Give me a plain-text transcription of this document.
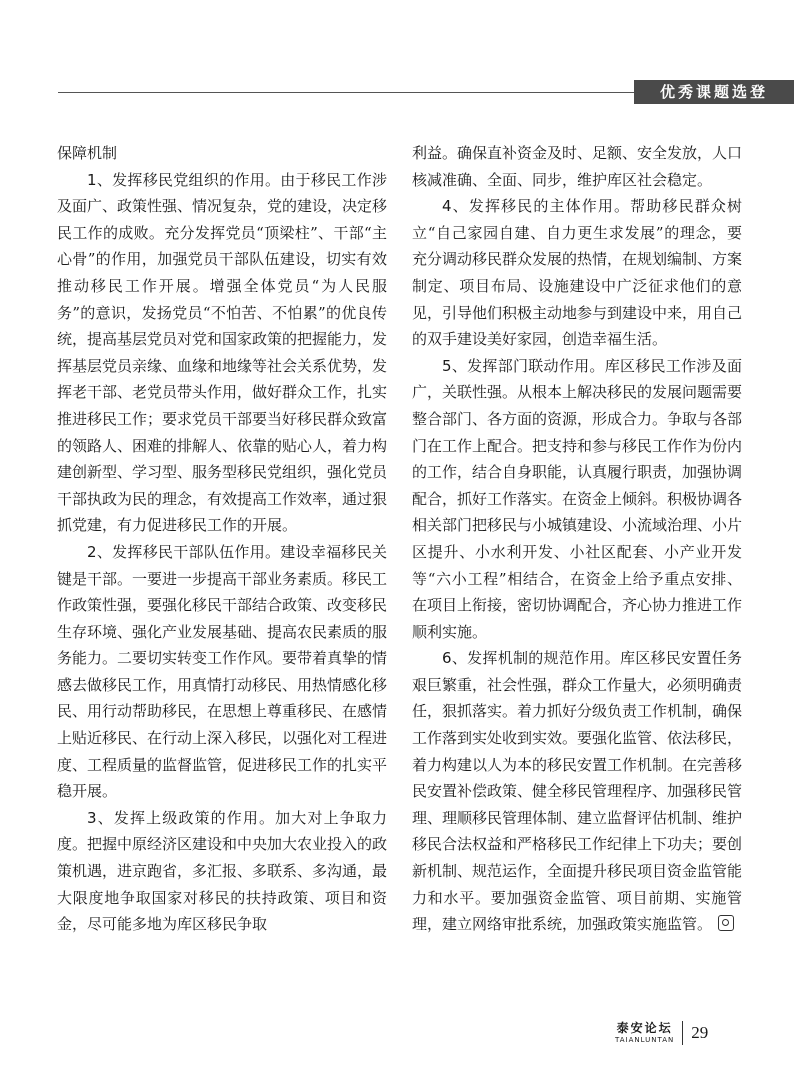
优秀课题选登
保障机制

1、发挥移民党组织的作用。由于移民工作涉及面广、政策性强、情况复杂，党的建设，决定移民工作的成败。充分发挥党员“顶梁柱”、干部“主心骨”的作用，加强党员干部队伍建设，切实有效推动移民工作开展。增强全体党员“为人民服务”的意识，发扬党员“不怕苦、不怕累”的优良传统，提高基层党员对党和国家政策的把握能力，发挥基层党员亲缘、血缘和地缘等社会关系优势，发挥老干部、老党员带头作用，做好群众工作，扎实推进移民工作；要求党员干部要当好移民群众致富的领路人、困难的排解人、依靠的贴心人，着力构建创新型、学习型、服务型移民党组织，强化党员干部执政为民的理念，有效提高工作效率，通过狠抓党建，有力促进移民工作的开展。

2、发挥移民干部队伍作用。建设幸福移民关键是干部。一要进一步提高干部业务素质。移民工作政策性强，要强化移民干部结合政策、改变移民生存环境、强化产业发展基础、提高农民素质的服务能力。二要切实转变工作作风。要带着真挚的情感去做移民工作，用真情打动移民、用热情感化移民、用行动帮助移民，在思想上尊重移民、在感情上贴近移民、在行动上深入移民，以强化对工程进度、工程质量的监督监管，促进移民工作的扎实平稳开展。

3、发挥上级政策的作用。加大对上争取力度。把握中原经济区建设和中央加大农业投入的政策机遇，进京跑省，多汇报、多联系、多沟通，最大限度地争取国家对移民的扶持政策、项目和资金，尽可能多地为库区移民争取

利益。确保直补资金及时、足额、安全发放，人口核减准确、全面、同步，维护库区社会稳定。

4、发挥移民的主体作用。帮助移民群众树立“自己家园自建、自力更生求发展”的理念，要充分调动移民群众发展的热情，在规划编制、方案制定、项目布局、设施建设中广泛征求他们的意见，引导他们积极主动地参与到建设中来，用自己的双手建设美好家园，创造幸福生活。

5、发挥部门联动作用。库区移民工作涉及面广，关联性强。从根本上解决移民的发展问题需要整合部门、各方面的资源，形成合力。争取与各部门在工作上配合。把支持和参与移民工作作为份内的工作，结合自身职能，认真履行职责，加强协调配合，抓好工作落实。在资金上倾斜。积极协调各相关部门把移民与小城镇建设、小流域治理、小片区提升、小水利开发、小社区配套、小产业开发等“六小工程”相结合，在资金上给予重点安排、在项目上衔接，密切协调配合，齐心协力推进工作顺利实施。

6、发挥机制的规范作用。库区移民安置任务艰巨繁重，社会性强，群众工作量大，必须明确责任，狠抓落实。着力抓好分级负责工作机制，确保工作落到实处收到实效。要强化监管、依法移民，着力构建以人为本的移民安置工作机制。在完善移民安置补偿政策、健全移民管理程序、加强移民管理、理顺移民管理体制、建立监督评估机制、维护移民合法权益和严格移民工作纪律上下功夫；要创新机制、规范运作，全面提升移民项目资金监管能力和水平。要加强资金监管、项目前期、实施管理，建立网络审批系统，加强政策实施监管。

泰安论坛
TAIANLUNTAN 29
